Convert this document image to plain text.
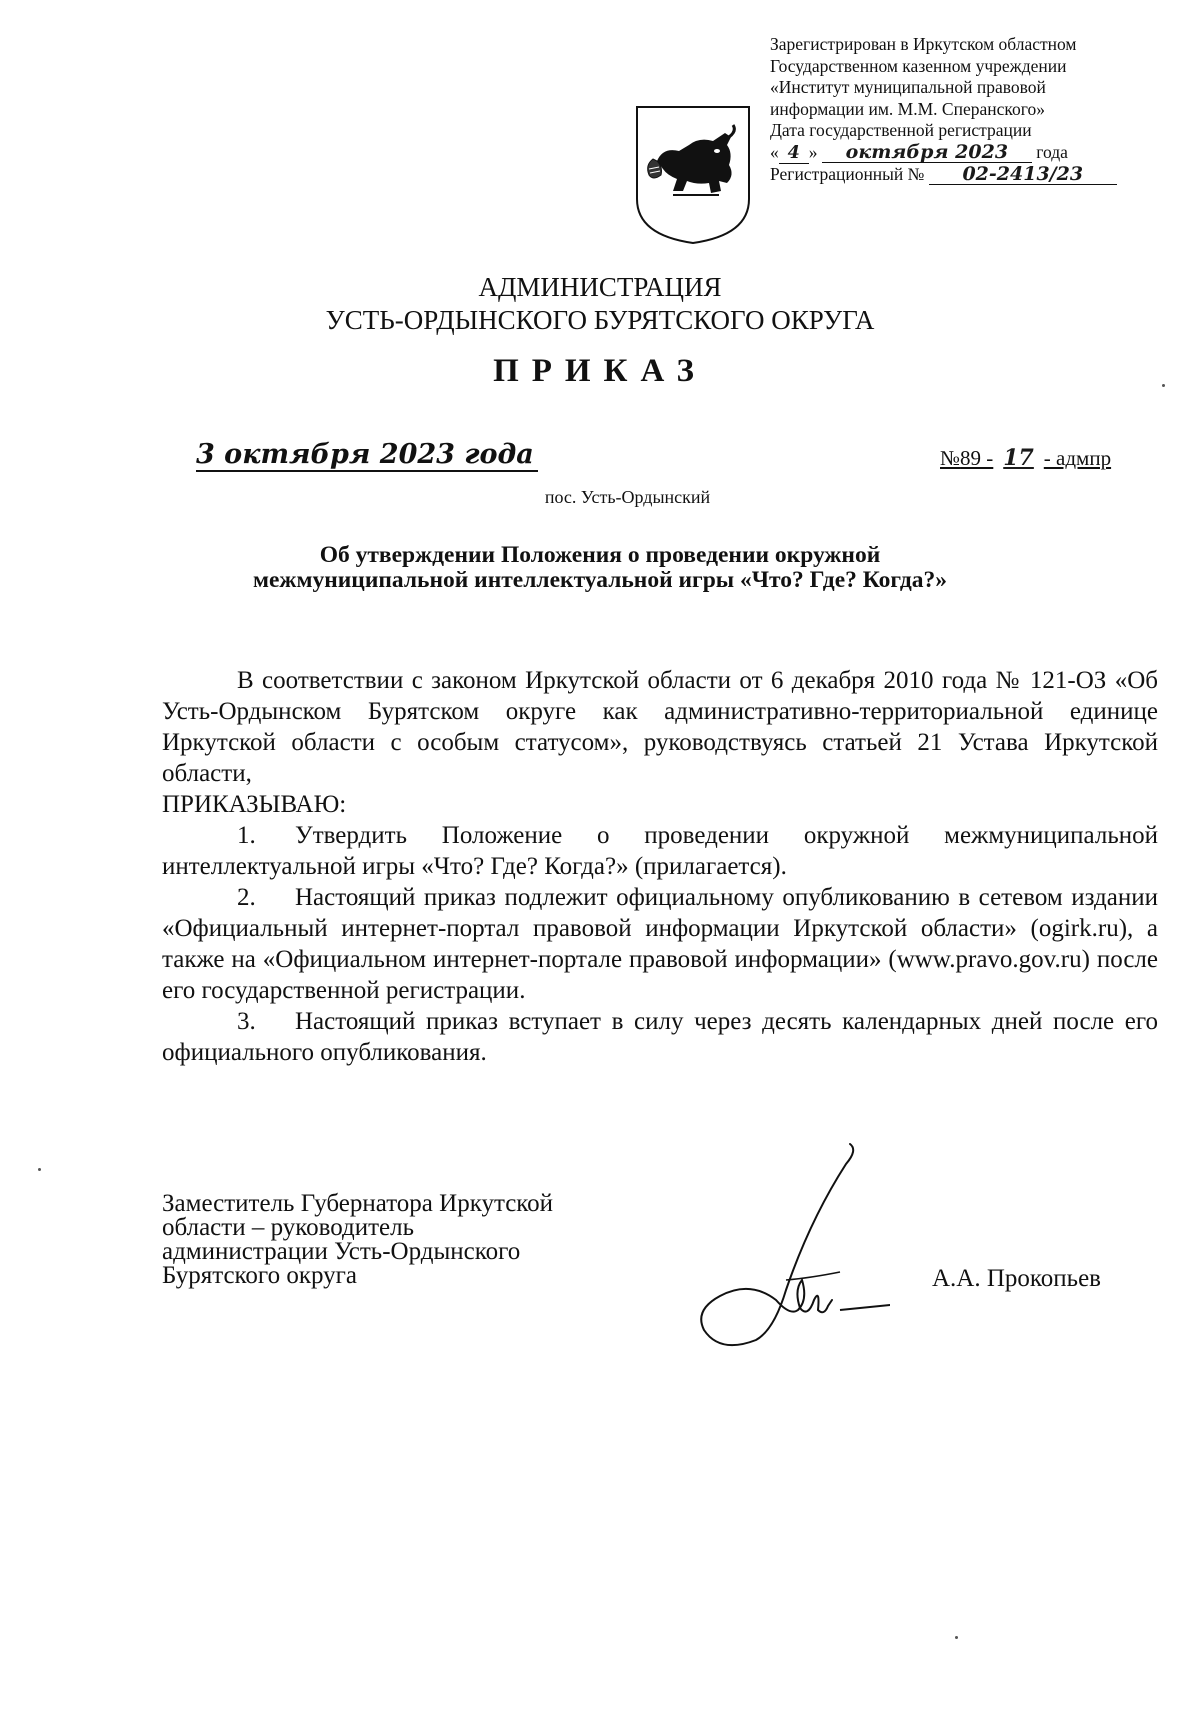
Зарегистрирован в Иркутском областном
Государственном казенном учреждении
«Институт муниципальной правовой
информации им. М.М. Сперанского»
Дата государственной регистрации
« 4 » октября 2023 года
Регистрационный № 02-2413/23
АДМИНИСТРАЦИЯ
УСТЬ-ОРДЫНСКОГО БУРЯТСКОГО ОКРУГА
ПРИКАЗ
3 октября 2023 года	№89 - 17 - адмпр
пос. Усть-Ордынский
Об утверждении Положения о проведении окружной
межмуниципальной интеллектуальной игры «Что? Где? Когда?»

В соответствии с законом Иркутской области от 6 декабря 2010 года № 121-ОЗ «Об Усть-Ордынском Бурятском округе как административно-территориальной единице Иркутской области с особым статусом», руководствуясь статьей 21 Устава Иркутской области,

ПРИКАЗЫВАЮ:

1. Утвердить Положение о проведении окружной межмуниципальной интеллектуальной игры «Что? Где? Когда?» (прилагается).

2. Настоящий приказ подлежит официальному опубликованию в сетевом издании «Официальный интернет-портал правовой информации Иркутской области» (ogirk.ru), а также на «Официальном интернет-портале правовой информации» (www.pravo.gov.ru) после его государственной регистрации.

3. Настоящий приказ вступает в силу через десять календарных дней после его официального опубликования.

Заместитель Губернатора Иркутской
области – руководитель
администрации Усть-Ордынского
Бурятского округа	А.А. Прокопьев
